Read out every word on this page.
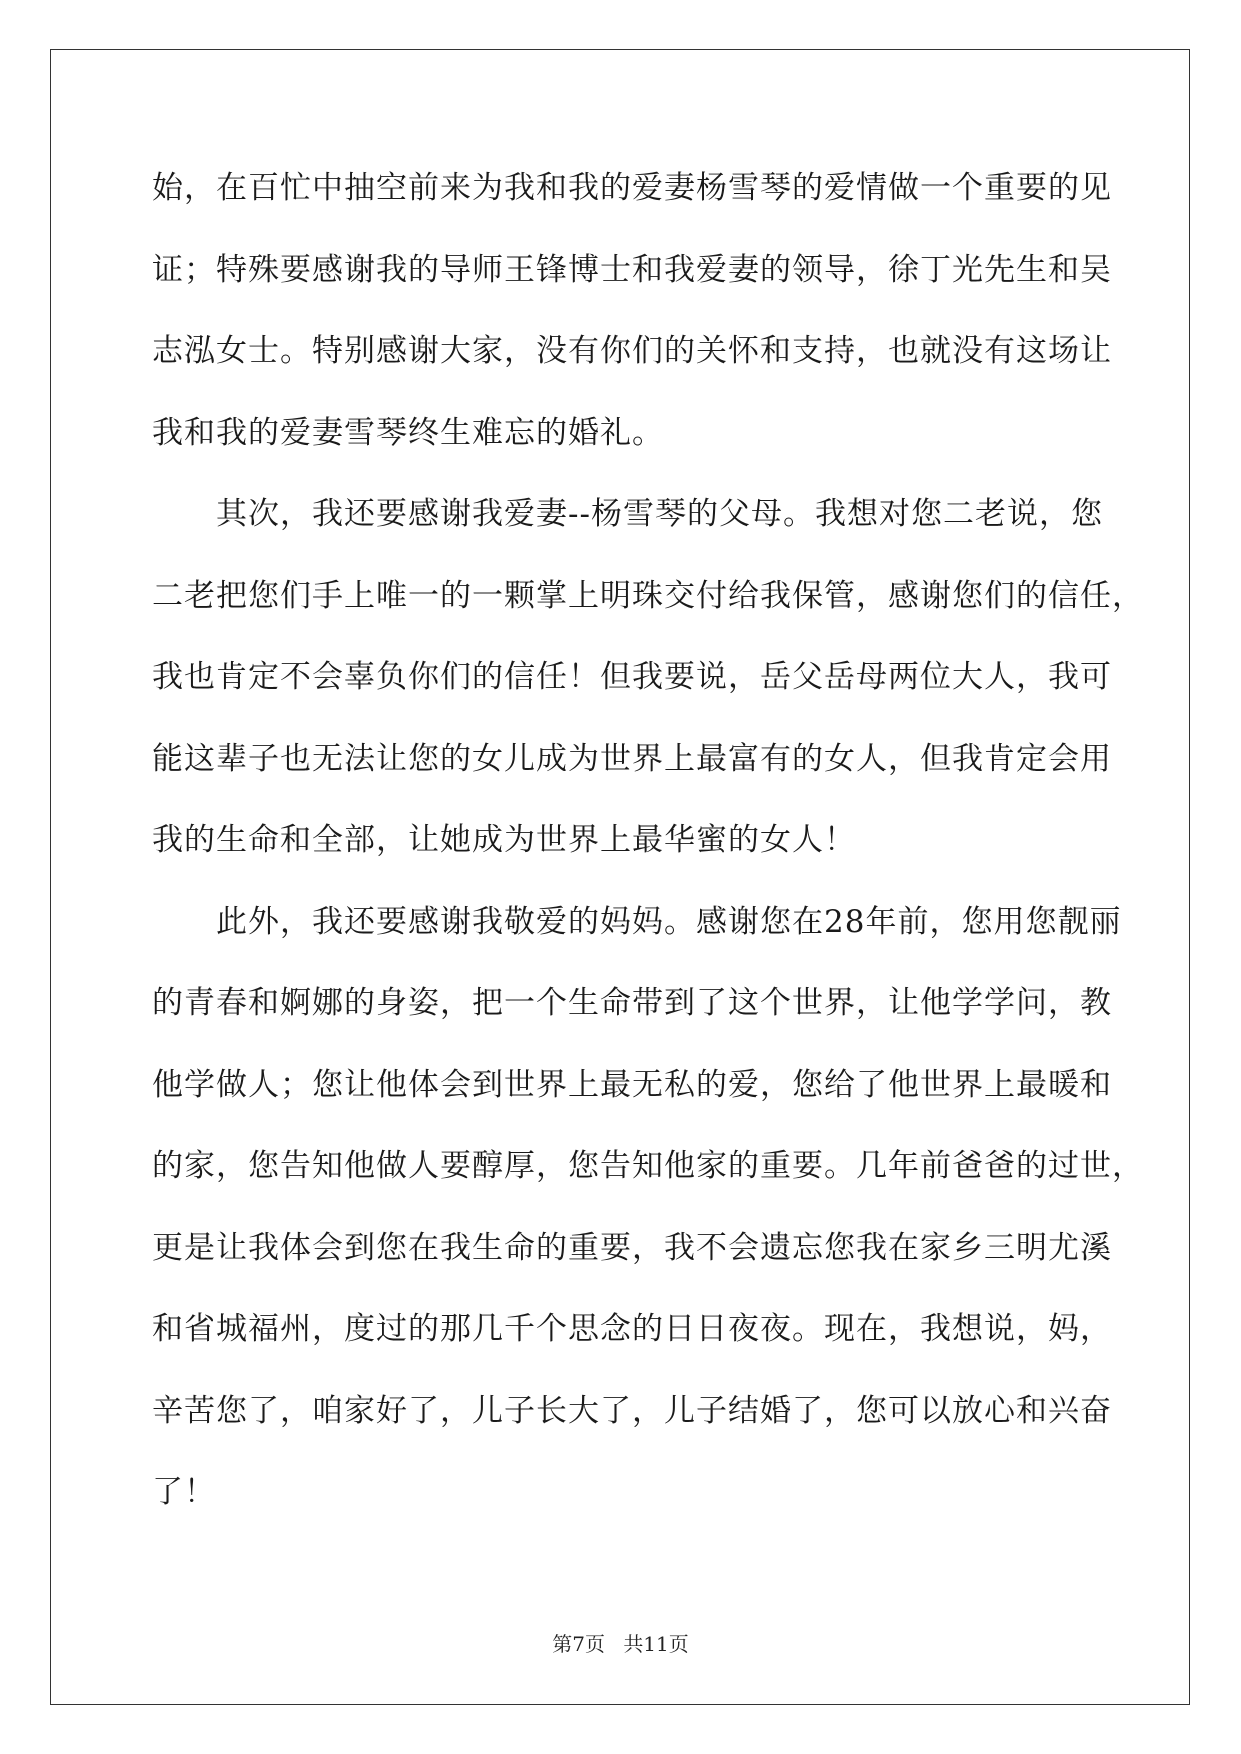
始，在百忙中抽空前来为我和我的爱妻杨雪琴的爱情做一个重要的见
证；特殊要感谢我的导师王锋博士和我爱妻的领导，徐丁光先生和吴
志泓女士。特别感谢大家，没有你们的关怀和支持，也就没有这场让
我和我的爱妻雪琴终生难忘的婚礼。
其次，我还要感谢我爱妻--杨雪琴的父母。我想对您二老说，您
二老把您们手上唯一的一颗掌上明珠交付给我保管，感谢您们的信任，
我也肯定不会辜负你们的信任！但我要说，岳父岳母两位大人，我可
能这辈子也无法让您的女儿成为世界上最富有的女人，但我肯定会用
我的生命和全部，让她成为世界上最华蜜的女人！
此外，我还要感谢我敬爱的妈妈。感谢您在28年前，您用您靓丽
的青春和婀娜的身姿，把一个生命带到了这个世界，让他学学问，教
他学做人；您让他体会到世界上最无私的爱，您给了他世界上最暖和
的家，您告知他做人要醇厚，您告知他家的重要。几年前爸爸的过世，
更是让我体会到您在我生命的重要，我不会遗忘您我在家乡三明尤溪
和省城福州，度过的那几千个思念的日日夜夜。现在，我想说，妈，
辛苦您了，咱家好了，儿子长大了，儿子结婚了，您可以放心和兴奋
了！
第7页 共11页
